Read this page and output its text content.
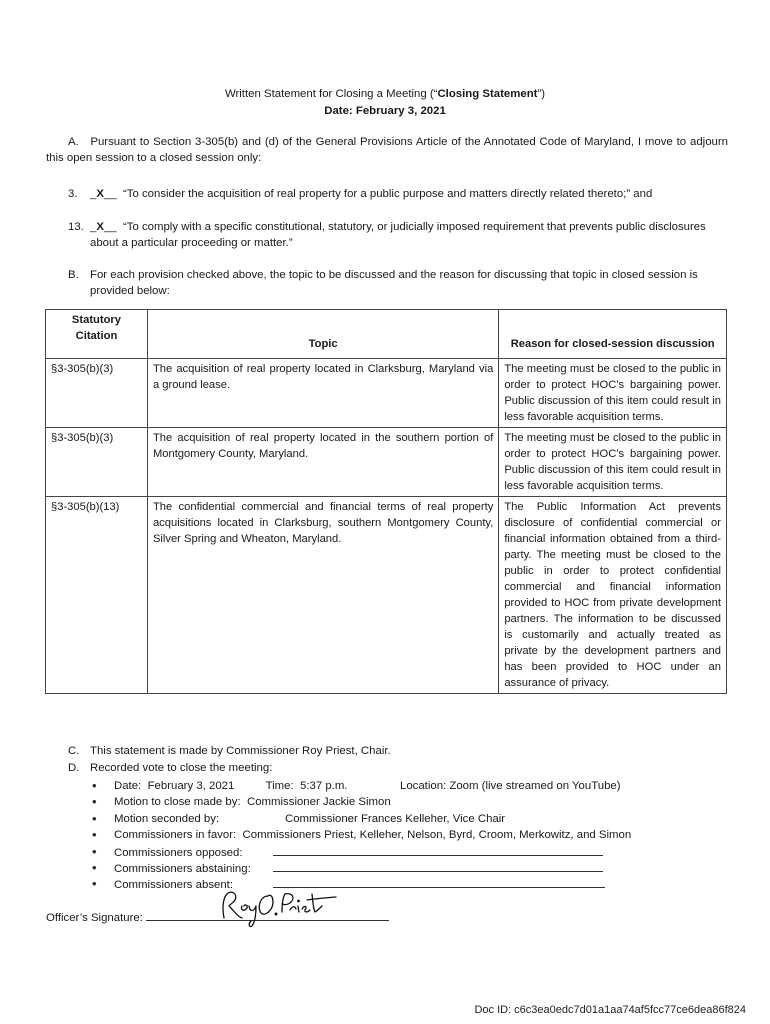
Written Statement for Closing a Meeting (“Closing Statement”)
Date: February 3, 2021
A. Pursuant to Section 3-305(b) and (d) of the General Provisions Article of the Annotated Code of Maryland, I move to adjourn this open session to a closed session only:
3.	_X__ “To consider the acquisition of real property for a public purpose and matters directly related thereto;” and
13. _X__ “To comply with a specific constitutional, statutory, or judicially imposed requirement that prevents public disclosures about a particular proceeding or matter.”
B. For each provision checked above, the topic to be discussed and the reason for discussing that topic in closed session is provided below:
Statutory Citation	Topic	Reason for closed-session discussion
§3-305(b)(3)	The acquisition of real property located in Clarksburg, Maryland via a ground lease.	The meeting must be closed to the public in order to protect HOC’s bargaining power. Public discussion of this item could result in less favorable acquisition terms.
§3-305(b)(3)	The acquisition of real property located in the southern portion of Montgomery County, Maryland.	The meeting must be closed to the public in order to protect HOC’s bargaining power. Public discussion of this item could result in less favorable acquisition terms.
§3-305(b)(13)	The confidential commercial and financial terms of real property acquisitions located in Clarksburg, southern Montgomery County, Silver Spring and Wheaton, Maryland.	The Public Information Act prevents disclosure of confidential commercial or financial information obtained from a third-party. The meeting must be closed to the public in order to protect confidential commercial and financial information provided to HOC from private development partners. The information to be discussed is customarily and actually treated as private by the development partners and has been provided to HOC under an assurance of privacy.
C. This statement is made by Commissioner Roy Priest, Chair.
D. Recorded vote to close the meeting:
• Date: February 3, 2021	Time: 5:37 p.m.	Location: Zoom (live streamed on YouTube)
• Motion to close made by: Commissioner Jackie Simon
• Motion seconded by:	Commissioner Frances Kelleher, Vice Chair
• Commissioners in favor: Commissioners Priest, Kelleher, Nelson, Byrd, Croom, Merkowitz, and Simon
• Commissioners opposed:
• Commissioners abstaining:
• Commissioners absent:
Officer’s Signature:
Doc ID: c6c3ea0edc7d01a1aa74af5fcc77ce6dea86f824
